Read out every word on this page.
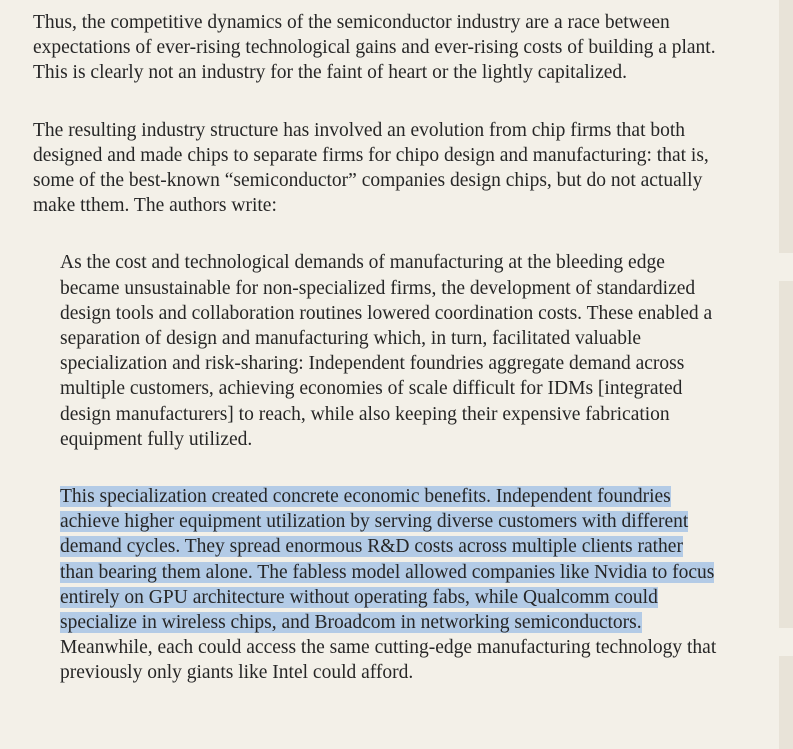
Thus, the competitive dynamics of the semiconductor industry are a race between expectations of ever-rising technological gains and ever-rising costs of building a plant. This is clearly not an industry for the faint of heart or the lightly capitalized.

The resulting industry structure has involved an evolution from chip firms that both designed and made chips to separate firms for chipo design and manufacturing: that is, some of the best-known “semiconductor” companies design chips, but do not actually make tthem. The authors write:

As the cost and technological demands of manufacturing at the bleeding edge became unsustainable for non-specialized firms, the development of standardized design tools and collaboration routines lowered coordination costs. These enabled a separation of design and manufacturing which, in turn, facilitated valuable specialization and risk-sharing: Independent foundries aggregate demand across multiple customers, achieving economies of scale difficult for IDMs [integrated design manufacturers] to reach, while also keeping their expensive fabrication equipment fully utilized.

This specialization created concrete economic benefits. Independent foundries achieve higher equipment utilization by serving diverse customers with different demand cycles. They spread enormous R&D costs across multiple clients rather than bearing them alone. The fabless model allowed companies like Nvidia to focus entirely on GPU architecture without operating fabs, while Qualcomm could specialize in wireless chips, and Broadcom in networking semiconductors. Meanwhile, each could access the same cutting-edge manufacturing technology that previously only giants like Intel could afford.
